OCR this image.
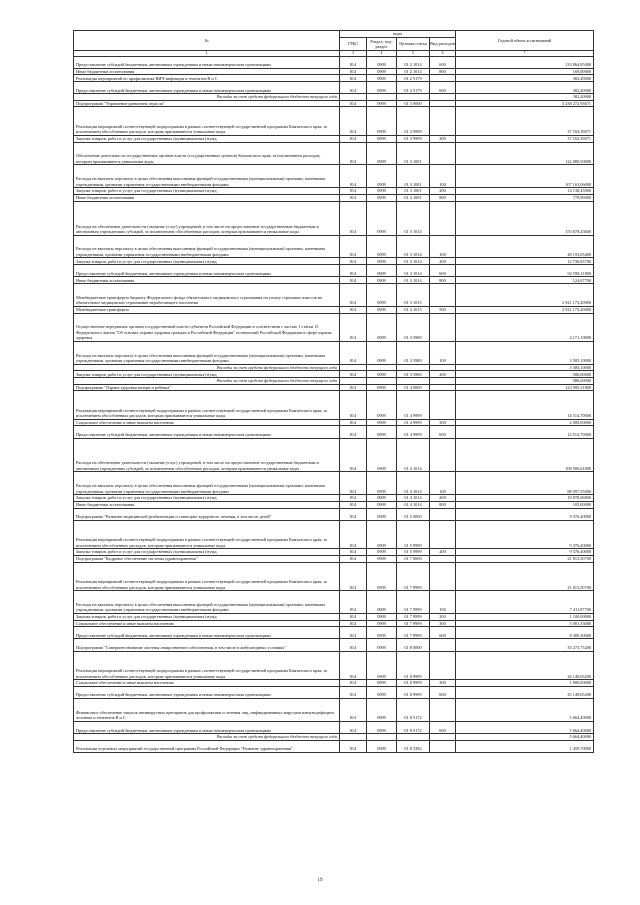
№	коды				Годовой объем ассигнований
	ГРБС	Раздел, под-раздел	Целевая статья	Вид расходов	
2	3	4	5	6	7
Предоставление субсидий бюджетным, автономным учреждениям и иным некоммерческим организациям	814	0909	01 2 1014	600	133 864,95400
Иные бюджетные ассигнования	814	0909	01 2 1014	800	169,00000
Реализация мероприятий по профилактике ВИЧ-инфекции и гепатитов В и С	814	0909	01 2 5179		382,20000
Предоставление субсидий бюджетным, автономным учреждениям и иным некоммерческим организациям	814	0909	01 2 5179	600	382,20000
Расходы за счет средств федерального бюджета текущего года					382,20000
Подпрограмма "Управление развитием отрасли"	814	0909	01 3 0000		3 238 272,93671
Реализация мероприятий соответствующей подпрограммы в рамках соответствующей государственной программы Камчатского края, за исключением обособленных расходов, которым присваиваются уникальные коды	814	0909	01 3 9999		37 163,39071
Закупка товаров, работ и услуг для государственных (муниципальных) нужд	814	0909	01 3 9999	200	37 163,39071
Обеспечение деятельности государственных органов власти (государственных органов) Камчатского края, за исключением расходов, которым присваиваются уникальные коды	814	0909	01 3 1001		122 080,50000
Расходы на выплаты персоналу в целях обеспечения выполнения функций государственными (муниципальными) органами, казенными учреждениями, органами управления государственными внебюджетными фондами	814	0909	01 3 1001	100	107 163,06000
Закупка товаров, работ и услуг для государственных (муниципальных) нужд	814	0909	01 3 1001	200	14 138,45000
Иные бюджетные ассигнования	814	0909	01 3 1001	800	778,99000
Расходы на обеспечение деятельности (оказание услуг) учреждений, в том числе на предоставление государственным бюджетным и автономным учреждениям субсидий, за исключением обособленных расходов, которым присваиваются уникальные коды	814	0909	01 3 1014		153 678,43600
Расходы на выплаты персоналу в целях обеспечения выполнения функций государственными (муниципальными) органами, казенными учреждениями, органами управления государственными внебюджетными фондами	814	0909	01 3 1014	100	48 193,05400
Закупка товаров, работ и услуг для государственных (муниципальных) нужд	814	0909	01 3 1014	200	12 736,83700
Предоставление субсидий бюджетным, автономным учреждениям и иным некоммерческим организациям	814	0909	01 3 1014	600	92 598,11800
Иные бюджетные ассигнования	814	0909	01 3 1014	800	124,67700
Межбюджетные трансферты бюджету Федерального фонда обязательного медицинского страхования на уплату страховых взносов на обязательное медицинское страхование неработающего населения	814	0909	01 3 1015		2 921 173,20000
Межбюджетные трансферты	814	0909	01 3 1015	500	2 921 173,20000
Осуществление переданных органам государственной власти субъектов Российской Федерации в соответствии с частью 1 статьи 15 Федерального закона "Об основах охраны здоровья граждан в Российской Федерации" полномочий Российской Федерации в сфере охраны здоровья	814	0909	01 3 5980		4 171,10000
Расходы на выплаты персоналу в целях обеспечения выполнения функций государственными (муниципальными) органами, казенными учреждениями, органами управления государственными внебюджетными фондами	814	0909	01 3 5980	100	3 585,10000
Расходы за счет средств федерального бюджета текущего года					3 585,10000
Закупка товаров, работ и услуг для государственных (муниципальных) нужд	814	0909	01 3 5980	200	586,00000
Расходы за счет средств федерального бюджета текущего года					586,00000
Подпрограмма "Охрана здоровья матери и ребенка"	814	0909	01 4 0000		123 095,31800
Реализация мероприятий соответствующей подпрограммы в рамках соответствующей государственной программы Камчатского края, за исключением обособленных расходов, которым присваиваются уникальные коды	814	0909	01 4 9999		14 514,70000
Социальное обеспечение и иные выплаты населению	814	0909	01 4 9999	300	2 000,00000
Предоставление субсидий бюджетным, автономным учреждениям и иным некоммерческим организациям	814	0909	01 4 9999	600	12 514,70000
Расходы на обеспечение деятельности (оказание услуг) учреждений, в том числе на предоставление государственным бюджетным и автономным учреждениям субсидий, за исключением обособленных расходов, которым присваиваются уникальные коды	814	0909	01 4 1014		108 580,61800
Расходы на выплаты персоналу в целях обеспечения выполнения функций государственными (муниципальными) органами, казенными учреждениями, органами управления государственными внебюджетными фондами	814	0909	01 4 1014	100	88 597,55000
Закупка товаров, работ и услуг для государственных (муниципальных) нужд	814	0909	01 4 1014	200	19 878,06800
Иные бюджетные ассигнования	814	0909	01 4 1014	800	105,00000
Подпрограмма "Развитие медицинской реабилитации и санаторно-курортного лечения, в том числе детей"	814	0909	01 5 0000		9 376,40000
Реализация мероприятий соответствующей подпрограммы в рамках соответствующей государственной программы Камчатского края, за исключением обособленных расходов, которым присваиваются уникальные коды	814	0909	01 5 9999		9 376,40000
Закупка товаров, работ и услуг для государственных (муниципальных) нужд	814	0909	01 5 9999	200	9 376,40000
Подпрограмма "Кадровое обеспечение системы здравоохранения"	814	0909	01 7 0000		21 813,50700
Реализация мероприятий соответствующей подпрограммы в рамках соответствующей государственной программы Камчатского края, за исключением обособленных расходов, которым присваиваются уникальные коды	814	0909	01 7 9999		21 813,50700
Расходы на выплаты персоналу в целях обеспечения выполнения функций государственными (муниципальными) органами, казенными учреждениями, органами управления государственными внебюджетными фондами	814	0909	01 7 9999	100	7 411,87700
Закупка товаров, работ и услуг для государственных (муниципальных) нужд	814	0909	01 7 9999	200	1 100,00000
Социальное обеспечение и иные выплаты населению	814	0909	01 7 9999	300	5 001,33000
Предоставление субсидий бюджетным, автономным учреждениям и иным некоммерческим организациям	814	0909	01 7 9999	600	8 300,30000
Подпрограмма "Совершенствование системы лекарственного обеспечения, в том числе в амбулаторных условиях"	814	0909	01 8 0000		35 273,75200
Реализация мероприятий соответствующей подпрограммы в рамках соответствующей государственной программы Камчатского края, за исключением обособленных расходов, которым присваиваются уникальные коды	814	0909	01 8 9999		26 149,65200
Социальное обеспечение и иные выплаты населению	814	0909	01 8 9999	300	1 000,00000
Предоставление субсидий бюджетным, автономным учреждениям и иным некоммерческим организациям	814	0909	01 8 9999	600	25 149,65200
Финансовое обеспечение закупок антивирусных препаратов для профилактики и лечения лиц, инфицированных вирусами иммунодефицита человека и гепатитов В и С	814	0909	01 8 5172		5 664,40000
Предоставление субсидий бюджетным, автономным учреждениям и иным некоммерческим организациям	814	0909	01 8 5172	600	5 664,40000
Расходы за счет средств федерального бюджета текущего года					5 664,40000
Реализация отдельных мероприятий государственной программы Российской Федерации "Развитие здравоохранения"	814	0909	01 8 5382		1 459,70000
19
